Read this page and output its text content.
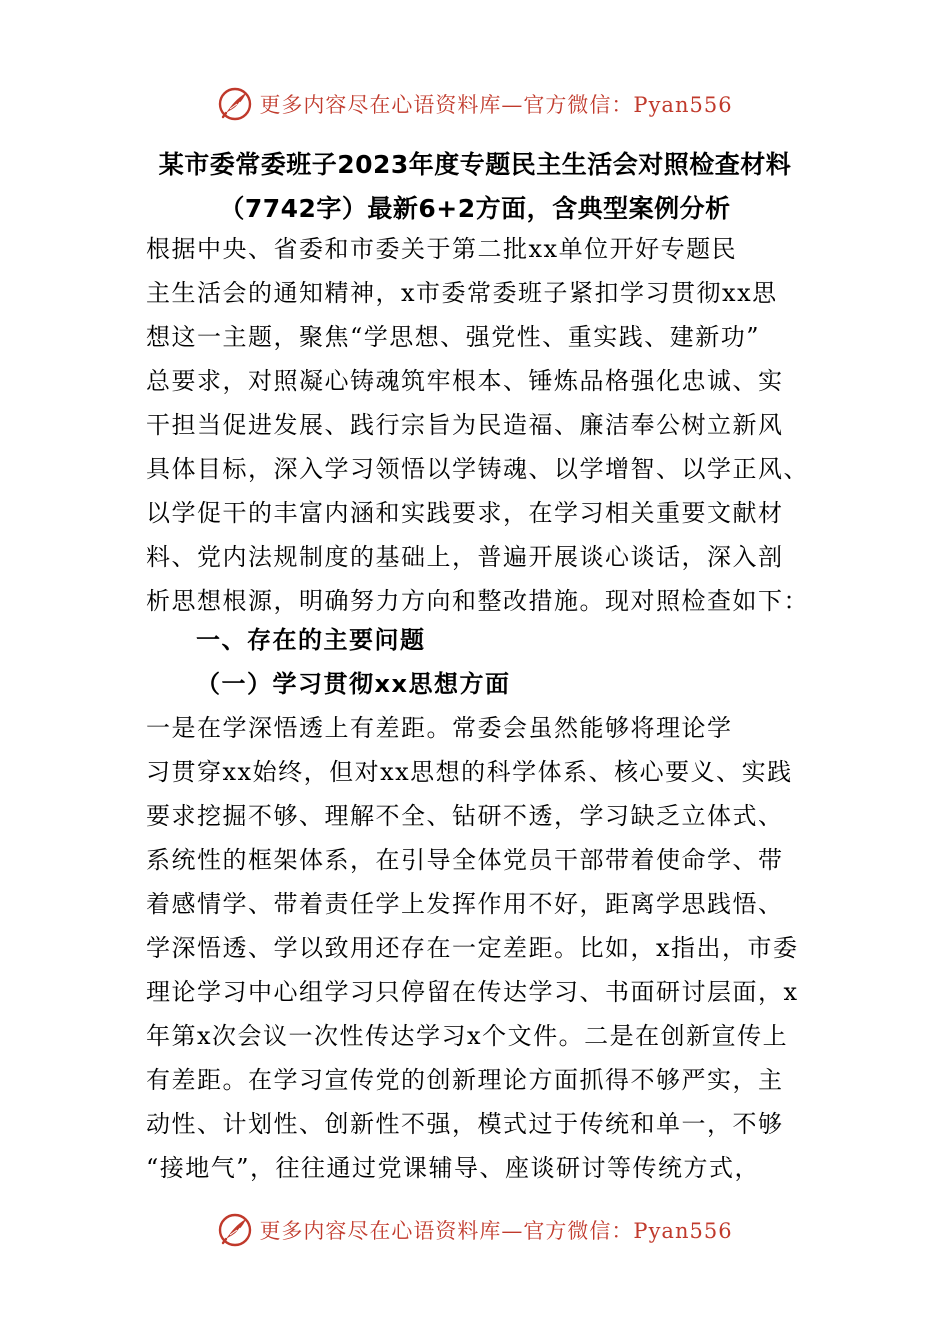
更多内容尽在心语资料库—官方微信：Pyan556
某市委常委班子2023年度专题民主生活会对照检查材料
（7742字）最新6+2方面，含典型案例分析
根据中央、省委和市委关于第二批xx单位开好专题民
主生活会的通知精神，x市委常委班子紧扣学习贯彻xx思
想这一主题，聚焦“学思想、强党性、重实践、建新功”
总要求，对照凝心铸魂筑牢根本、锤炼品格强化忠诚、实
干担当促进发展、践行宗旨为民造福、廉洁奉公树立新风
具体目标，深入学习领悟以学铸魂、以学增智、以学正风、
以学促干的丰富内涵和实践要求，在学习相关重要文献材
料、党内法规制度的基础上，普遍开展谈心谈话，深入剖
析思想根源，明确努力方向和整改措施。现对照检查如下：
一、存在的主要问题
（一）学习贯彻xx思想方面
一是在学深悟透上有差距。常委会虽然能够将理论学
习贯穿xx始终，但对xx思想的科学体系、核心要义、实践
要求挖掘不够、理解不全、钻研不透，学习缺乏立体式、
系统性的框架体系，在引导全体党员干部带着使命学、带
着感情学、带着责任学上发挥作用不好，距离学思践悟、
学深悟透、学以致用还存在一定差距。比如，x指出，市委
理论学习中心组学习只停留在传达学习、书面研讨层面，x
年第x次会议一次性传达学习x个文件。二是在创新宣传上
有差距。在学习宣传党的创新理论方面抓得不够严实，主
动性、计划性、创新性不强，模式过于传统和单一，不够
“接地气”，往往通过党课辅导、座谈研讨等传统方式，
更多内容尽在心语资料库—官方微信：Pyan556
